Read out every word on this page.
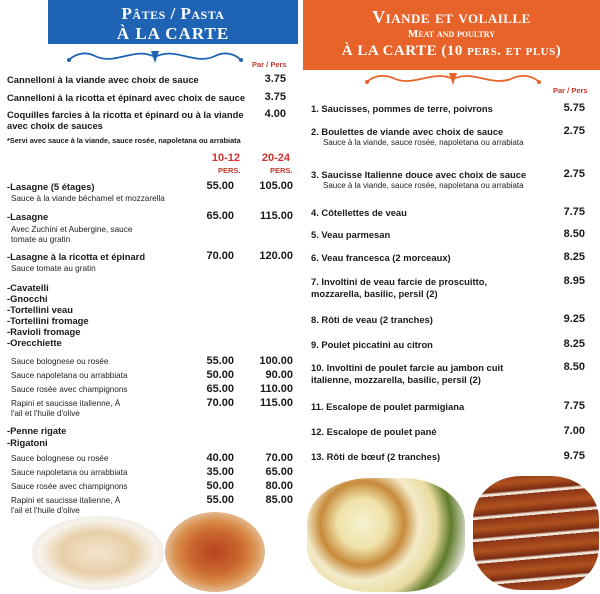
Pâtes / Pasta
À LA CARTE
Par / Pers
Cannelloni à la viande avec choix de sauce	3.75
Cannelloni à la ricotta et épinard avec choix de sauce	3.75
Coquilles farcies à la ricotta et épinard ou à la viande avec choix de sauces
4.00
*Servi avec sauce à la viande, sauce rosée, napoletana ou arrabiata
10-12
PERS.
20-24
PERS.
-Lasagne (5 étages)
Sauce à la viande béchamel et mozzarella
55.00	105.00
-Lasagne
Avec Zuchini et Aubergine, sauce tomate au gratin
65.00	115.00
-Lasagne à la ricotta et épinard
Sauce tomate au gratin
70.00	120.00
-Cavatelli
-Gnocchi
-Tortellini veau
-Tortellini fromage
-Ravioli fromage
-Orecchiette
Sauce bolognese ou rosée	55.00	100.00
Sauce napoletana ou arrabbiata	50.00	90.00
Sauce rosée avec champignons	65.00	110.00
Rapini et saucisse italienne, À l'ail et l'huile d'olive
70.00	115.00
-Penne rigate
-Rigatoni
Sauce bolognese ou rosée	40.00	70.00
Sauce napoletana ou arrabbiata	35.00	65.00
Sauce rosée avec champignons	50.00	80.00
Rapini et saucisse italienne, À l'ail et l'huile d'olive
55.00	85.00
Viande et volaille
Meat and poultry
À LA CARTE (10 pers. et plus)
Par / Pers
1. Saucisses, pommes de terre, poivrons	5.75
2. Boulettes de viande avec choix de sauce
Sauce à la viande, sauce rosée, napoletana ou arrabiata
2.75
3. Saucisse Italienne douce avec choix de sauce
Sauce à la viande, sauce rosée, napoletana ou arrabiata
2.75
4. Côtellettes de veau	7.75
5. Veau parmesan	8.50
6. Veau francesca (2 morceaux)	8.25
7. Involtini de veau farcie de proscuitto, mozzarella, basilic, persil (2)
8.95
8. Rôti de veau (2 tranches)	9.25
9. Poulet piccatini au citron	8.25
10. Involtini de poulet farcie au jambon cuit italienne, mozzarella, basilic, persil (2)
8.50
11. Escalope de poulet parmigiana	7.75
12. Escalope de poulet pané	7.00
13. Rôti de bœuf (2 tranches)	9.75
